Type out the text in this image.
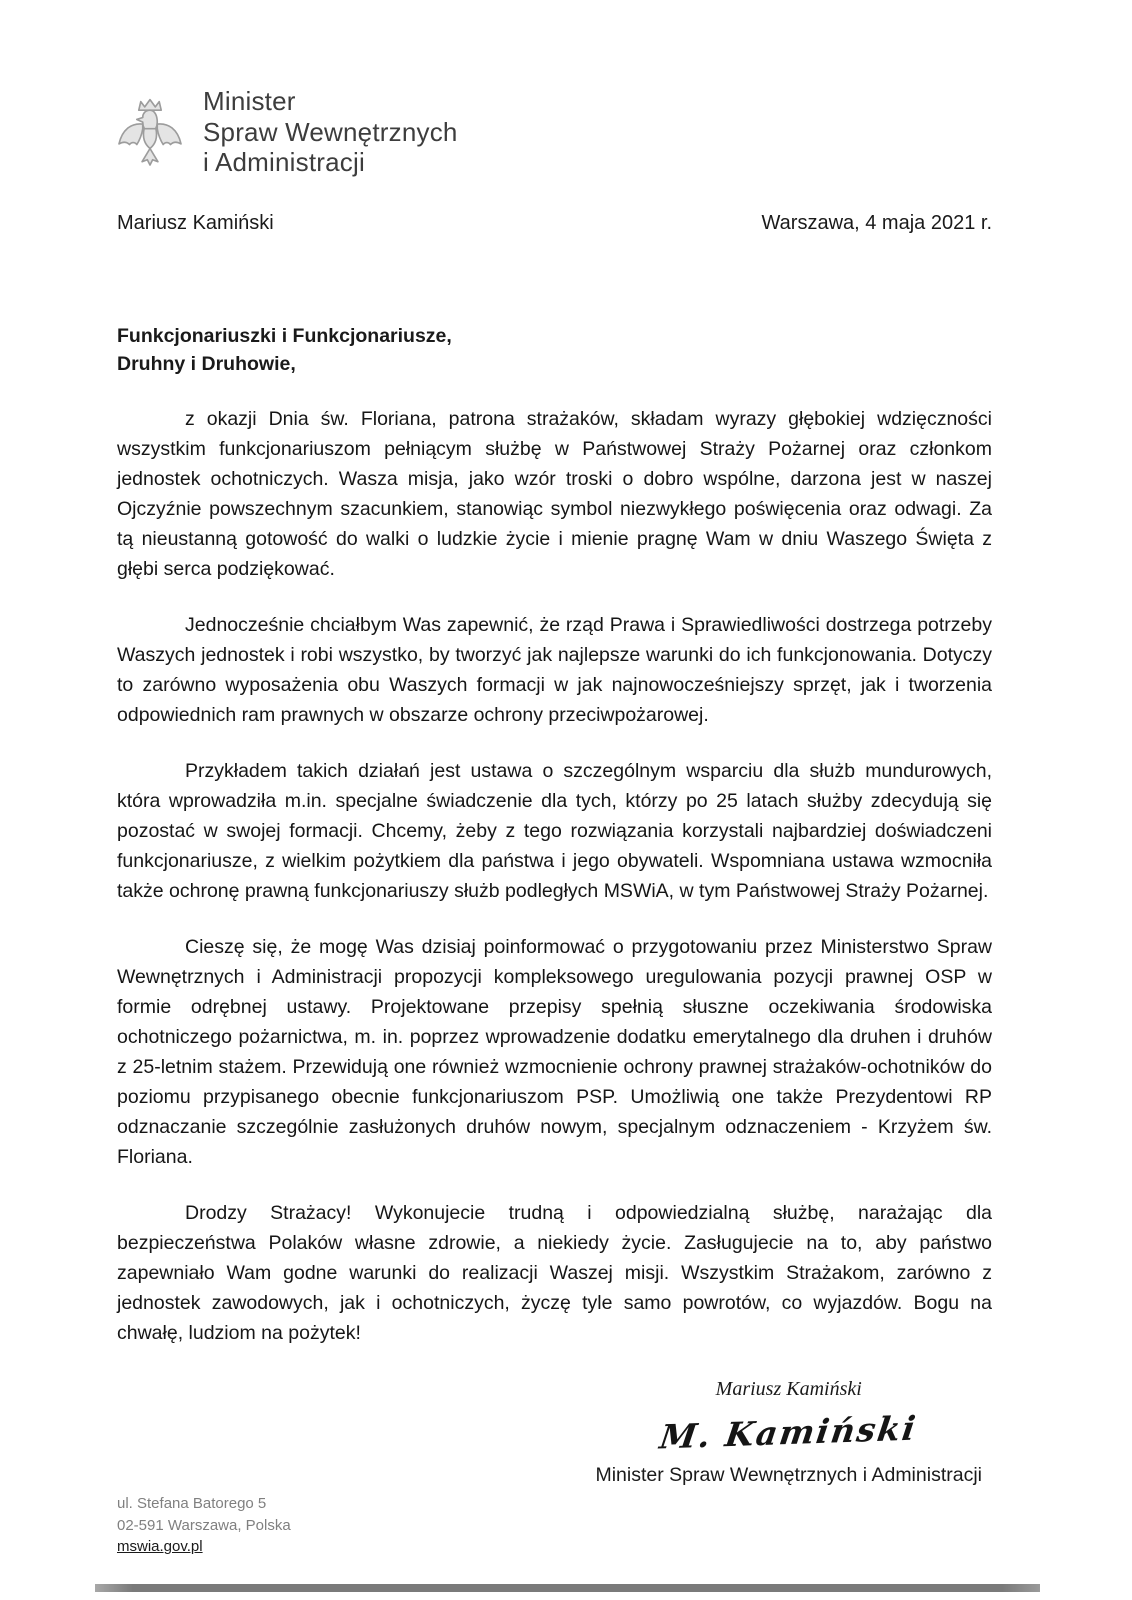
Minister
Spraw Wewnętrznych
i Administracji
Mariusz Kamiński	Warszawa, 4 maja 2021 r.
Funkcjonariuszki i Funkcjonariusze,
Druhny i Druhowie,

z okazji Dnia św. Floriana, patrona strażaków, składam wyrazy głębokiej wdzięczności wszystkim funkcjonariuszom pełniącym służbę w Państwowej Straży Pożarnej oraz członkom jednostek ochotniczych. Wasza misja, jako wzór troski o dobro wspólne, darzona jest w naszej Ojczyźnie powszechnym szacunkiem, stanowiąc symbol niezwykłego poświęcenia oraz odwagi. Za tą nieustanną gotowość do walki o ludzkie życie i mienie pragnę Wam w dniu Waszego Święta z głębi serca podziękować.

Jednocześnie chciałbym Was zapewnić, że rząd Prawa i Sprawiedliwości dostrzega potrzeby Waszych jednostek i robi wszystko, by tworzyć jak najlepsze warunki do ich funkcjonowania. Dotyczy to zarówno wyposażenia obu Waszych formacji w jak najnowocześniejszy sprzęt, jak i tworzenia odpowiednich ram prawnych w obszarze ochrony przeciwpożarowej.

Przykładem takich działań jest ustawa o szczególnym wsparciu dla służb mundurowych, która wprowadziła m.in. specjalne świadczenie dla tych, którzy po 25 latach służby zdecydują się pozostać w swojej formacji. Chcemy, żeby z tego rozwiązania korzystali najbardziej doświadczeni funkcjonariusze, z wielkim pożytkiem dla państwa i jego obywateli. Wspomniana ustawa wzmocniła także ochronę prawną funkcjonariuszy służb podległych MSWiA, w tym Państwowej Straży Pożarnej.

Cieszę się, że mogę Was dzisiaj poinformować o przygotowaniu przez Ministerstwo Spraw Wewnętrznych i Administracji propozycji kompleksowego uregulowania pozycji prawnej OSP w formie odrębnej ustawy. Projektowane przepisy spełnią słuszne oczekiwania środowiska ochotniczego pożarnictwa, m. in. poprzez wprowadzenie dodatku emerytalnego dla druhen i druhów z 25-letnim stażem. Przewidują one również wzmocnienie ochrony prawnej strażaków-ochotników do poziomu przypisanego obecnie funkcjonariuszom PSP. Umożliwią one także Prezydentowi RP odznaczanie szczególnie zasłużonych druhów nowym, specjalnym odznaczeniem - Krzyżem św. Floriana.

Drodzy Strażacy! Wykonujecie trudną i odpowiedzialną służbę, narażając dla bezpieczeństwa Polaków własne zdrowie, a niekiedy życie. Zasługujecie na to, aby państwo zapewniało Wam godne warunki do realizacji Waszej misji. Wszystkim Strażakom, zarówno z jednostek zawodowych, jak i ochotniczych, życzę tyle samo powrotów, co wyjazdów. Bogu na chwałę, ludziom na pożytek!

Mariusz Kamiński
M. Kamiński
Minister Spraw Wewnętrznych i Administracji
ul. Stefana Batorego 5
02-591 Warszawa, Polska
mswia.gov.pl
